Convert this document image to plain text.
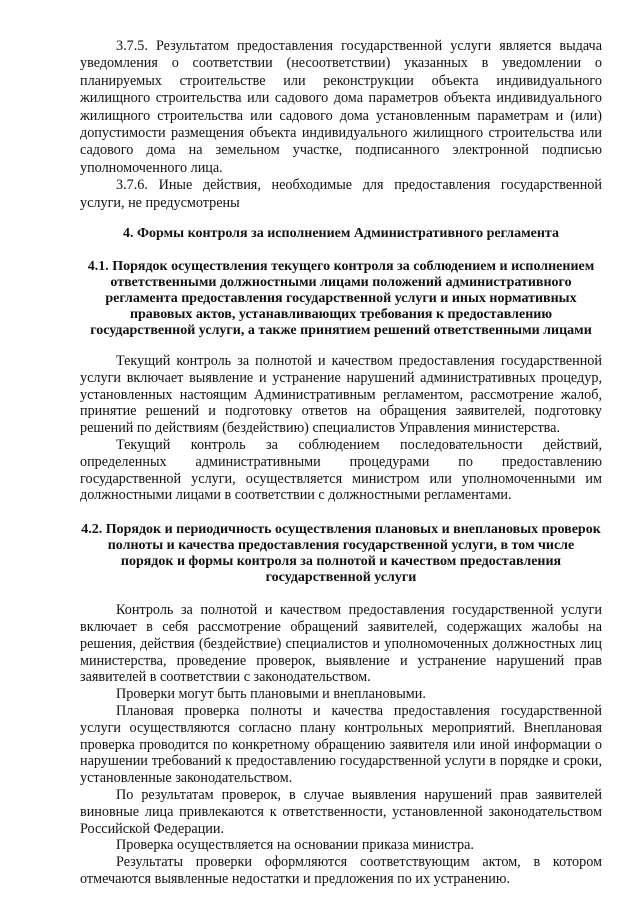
3.7.5. Результатом предоставления государственной услуги является выдача уведомления о соответствии (несоответствии) указанных в уведомлении о планируемых строительстве или реконструкции объекта индивидуального жилищного строительства или садового дома параметров объекта индивидуального жилищного строительства или садового дома установленным параметрам и (или) допустимости размещения объекта индивидуального жилищного строительства или садового дома на земельном участке, подписанного электронной подписью уполномоченного лица.

3.7.6. Иные действия, необходимые для предоставления государственной услуги, не предусмотрены

4. Формы контроля за исполнением Административного регламента

4.1. Порядок осуществления текущего контроля за соблюдением и исполнением ответственными должностными лицами положений административного регламента предоставления государственной услуги и иных нормативных правовых актов, устанавливающих требования к предоставлению государственной услуги, а также принятием решений ответственными лицами

Текущий контроль за полнотой и качеством предоставления государственной услуги включает выявление и устранение нарушений административных процедур, установленных настоящим Административным регламентом, рассмотрение жалоб, принятие решений и подготовку ответов на обращения заявителей, подготовку решений по действиям (бездействию) специалистов Управления министерства.

Текущий контроль за соблюдением последовательности действий, определенных административными процедурами по предоставлению государственной услуги, осуществляется министром или уполномоченными им должностными лицами в соответствии с должностными регламентами.

4.2. Порядок и периодичность осуществления плановых и внеплановых проверок полноты и качества предоставления государственной услуги, в том числе порядок и формы контроля за полнотой и качеством предоставления государственной услуги

Контроль за полнотой и качеством предоставления государственной услуги включает в себя рассмотрение обращений заявителей, содержащих жалобы на решения, действия (бездействие) специалистов и уполномоченных должностных лиц министерства, проведение проверок, выявление и устранение нарушений прав заявителей в соответствии с законодательством.

Проверки могут быть плановыми и внеплановыми.

Плановая проверка полноты и качества предоставления государственной услуги осуществляются согласно плану контрольных мероприятий. Внеплановая проверка проводится по конкретному обращению заявителя или иной информации о нарушении требований к предоставлению государственной услуги в порядке и сроки, установленные законодательством.

По результатам проверок, в случае выявления нарушений прав заявителей виновные лица привлекаются к ответственности, установленной законодательством Российской Федерации.

Проверка осуществляется на основании приказа министра.

Результаты проверки оформляются соответствующим актом, в котором отмечаются выявленные недостатки и предложения по их устранению.
